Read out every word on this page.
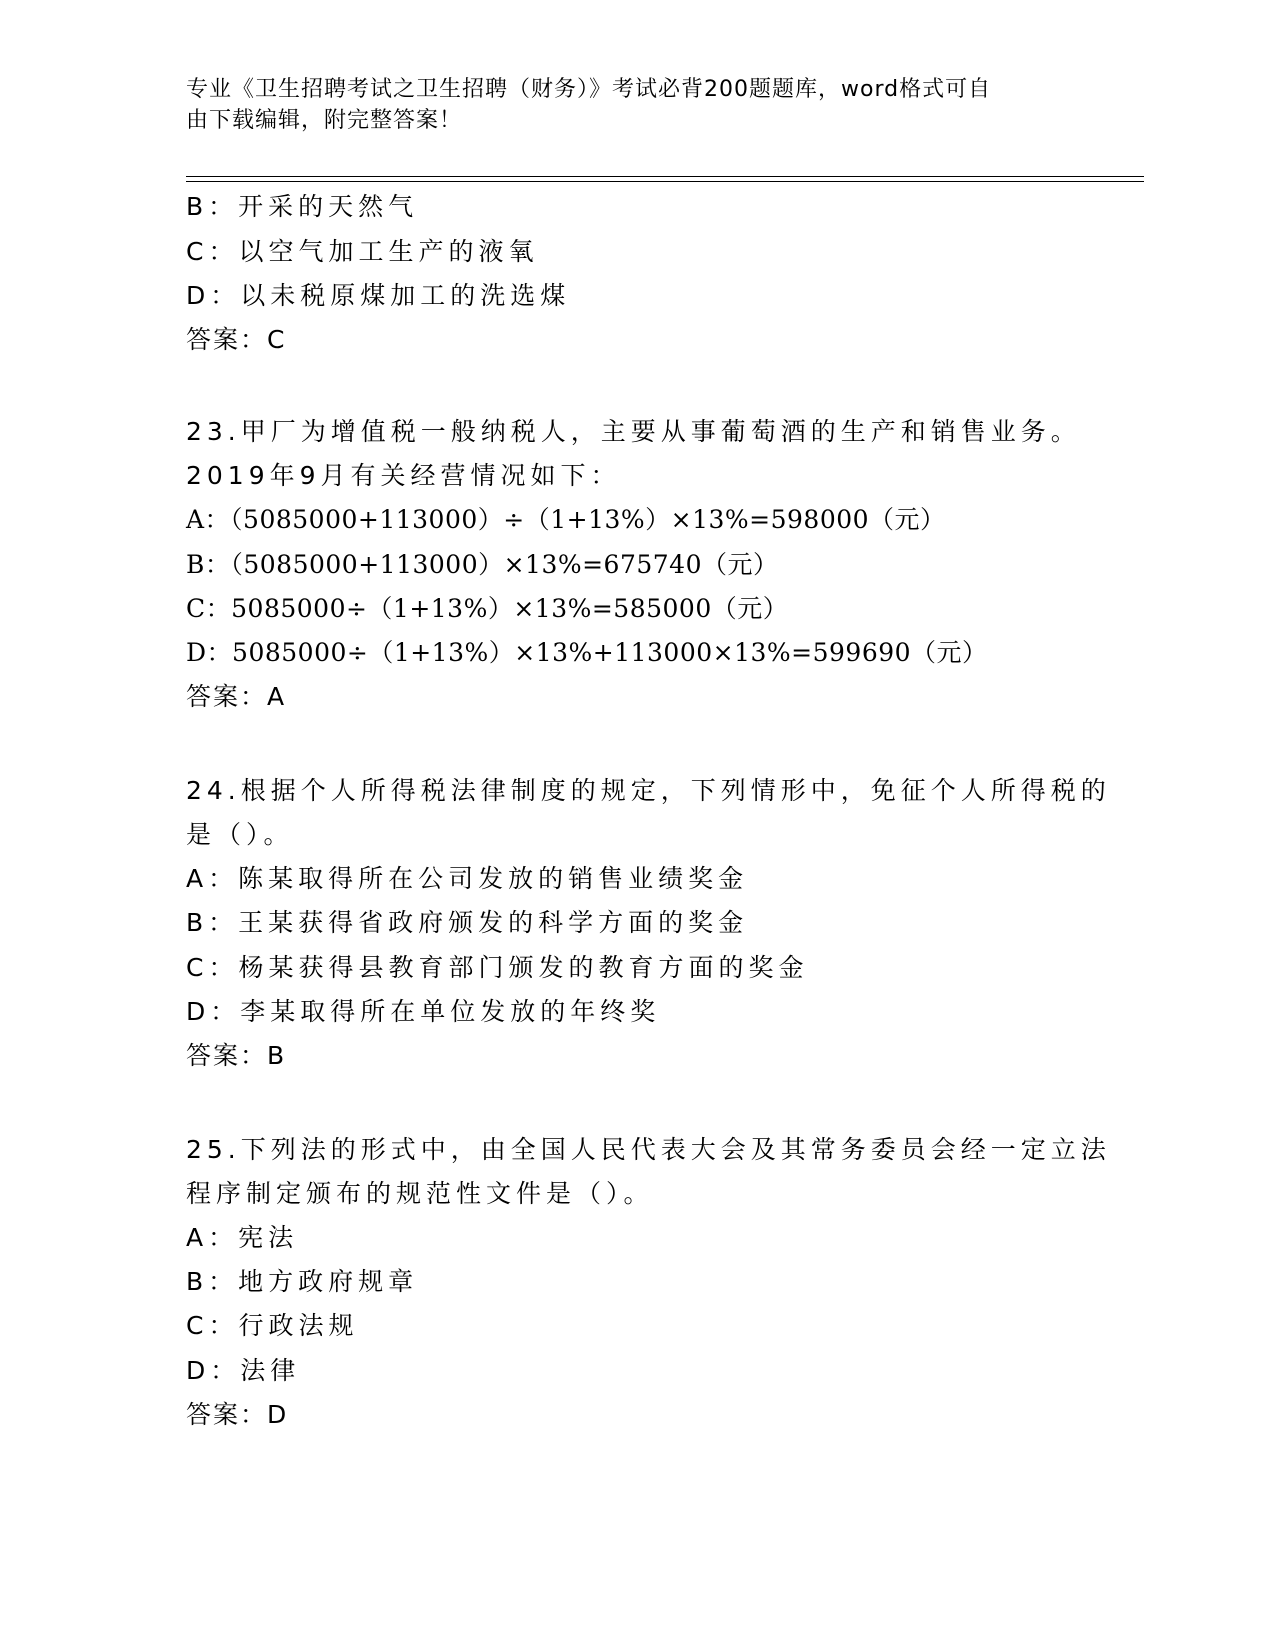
专业《卫生招聘考试之卫生招聘（财务）》考试必背200题题库，word格式可自
由下载编辑，附完整答案！
B：开采的天然气
C：以空气加工生产的液氧
D：以未税原煤加工的洗选煤
答案：C
23.甲厂为增值税一般纳税人，主要从事葡萄酒的生产和销售业务。
2019年9月有关经营情况如下：
A：（5085000+113000）÷（1+13%）×13%=598000（元）
B：（5085000+113000）×13%=675740（元）
C：5085000÷（1+13%）×13%=585000（元）
D：5085000÷（1+13%）×13%+113000×13%=599690（元）
答案：A
24.根据个人所得税法律制度的规定，下列情形中，免征个人所得税的
是（）。
A：陈某取得所在公司发放的销售业绩奖金
B：王某获得省政府颁发的科学方面的奖金
C：杨某获得县教育部门颁发的教育方面的奖金
D：李某取得所在单位发放的年终奖
答案：B
25.下列法的形式中，由全国人民代表大会及其常务委员会经一定立法
程序制定颁布的规范性文件是（）。
A：宪法
B：地方政府规章
C：行政法规
D：法律
答案：D
